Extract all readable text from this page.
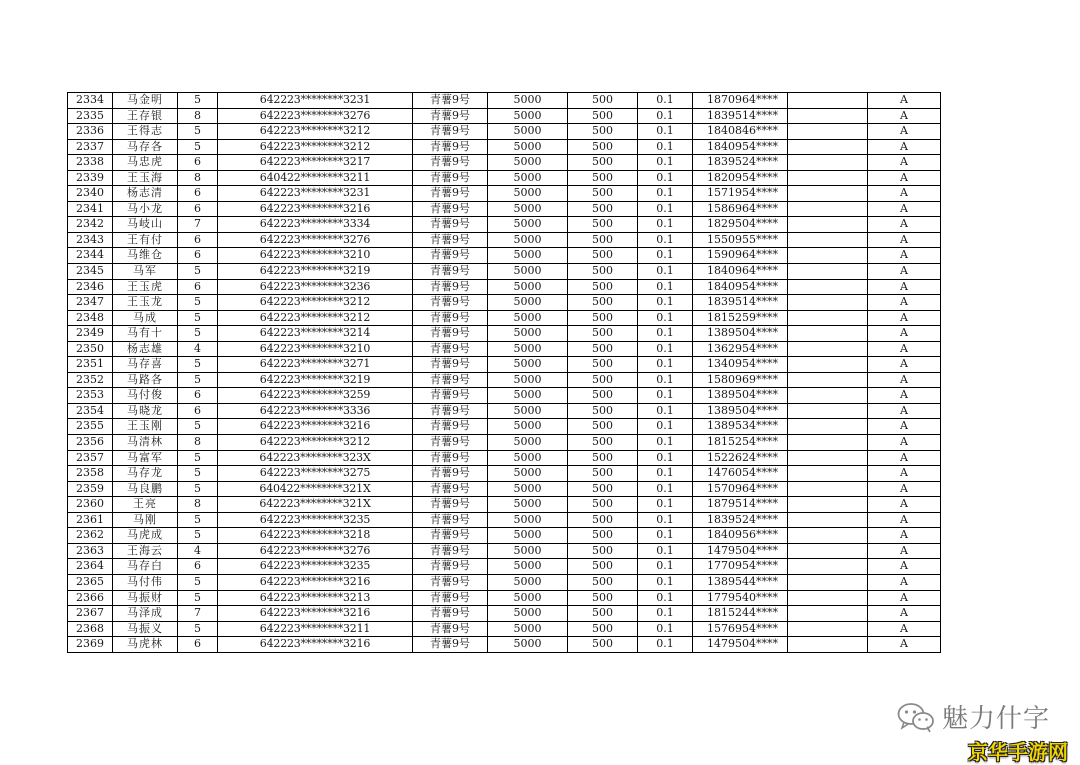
2334	马金明	5	642223********3231	青薯9号	5000	500	0.1	1870964****		A
2335	王存银	8	642223********3276	青薯9号	5000	500	0.1	1839514****		A
2336	王得志	5	642223********3212	青薯9号	5000	500	0.1	1840846****		A
2337	马存各	5	642223********3212	青薯9号	5000	500	0.1	1840954****		A
2338	马忠虎	6	642223********3217	青薯9号	5000	500	0.1	1839524****		A
2339	王玉海	8	640422********3211	青薯9号	5000	500	0.1	1820954****		A
2340	杨志清	6	642223********3231	青薯9号	5000	500	0.1	1571954****		A
2341	马小龙	6	642223********3216	青薯9号	5000	500	0.1	1586964****		A
2342	马岐山	7	642223********3334	青薯9号	5000	500	0.1	1829504****		A
2343	王有付	6	642223********3276	青薯9号	5000	500	0.1	1550955****		A
2344	马维仓	6	642223********3210	青薯9号	5000	500	0.1	1590964****		A
2345	马军	5	642223********3219	青薯9号	5000	500	0.1	1840964****		A
2346	王玉虎	6	642223********3236	青薯9号	5000	500	0.1	1840954****		A
2347	王玉龙	5	642223********3212	青薯9号	5000	500	0.1	1839514****		A
2348	马成	5	642223********3212	青薯9号	5000	500	0.1	1815259****		A
2349	马有十	5	642223********3214	青薯9号	5000	500	0.1	1389504****		A
2350	杨志雄	4	642223********3210	青薯9号	5000	500	0.1	1362954****		A
2351	马存喜	5	642223********3271	青薯9号	5000	500	0.1	1340954****		A
2352	马路各	5	642223********3219	青薯9号	5000	500	0.1	1580969****		A
2353	马付俊	6	642223********3259	青薯9号	5000	500	0.1	1389504****		A
2354	马晓龙	6	642223********3336	青薯9号	5000	500	0.1	1389504****		A
2355	王玉刚	5	642223********3216	青薯9号	5000	500	0.1	1389534****		A
2356	马清林	8	642223********3212	青薯9号	5000	500	0.1	1815254****		A
2357	马富军	5	642223********323X	青薯9号	5000	500	0.1	1522624****		A
2358	马存龙	5	642223********3275	青薯9号	5000	500	0.1	1476054****		A
2359	马良鹏	5	640422********321X	青薯9号	5000	500	0.1	1570964****		A
2360	王亮	8	642223********321X	青薯9号	5000	500	0.1	1879514****		A
2361	马刚	5	642223********3235	青薯9号	5000	500	0.1	1839524****		A
2362	马虎成	5	642223********3218	青薯9号	5000	500	0.1	1840956****		A
2363	王海云	4	642223********3276	青薯9号	5000	500	0.1	1479504****		A
2364	马存白	6	642223********3235	青薯9号	5000	500	0.1	1770954****		A
2365	马付伟	5	642223********3216	青薯9号	5000	500	0.1	1389544****		A
2366	马振财	5	642223********3213	青薯9号	5000	500	0.1	1779540****		A
2367	马泽成	7	642223********3216	青薯9号	5000	500	0.1	1815244****		A
2368	马振义	5	642223********3211	青薯9号	5000	500	0.1	1576954****		A
2369	马虎林	6	642223********3216	青薯9号	5000	500	0.1	1479504****		A
魅力什字
京华手游网
